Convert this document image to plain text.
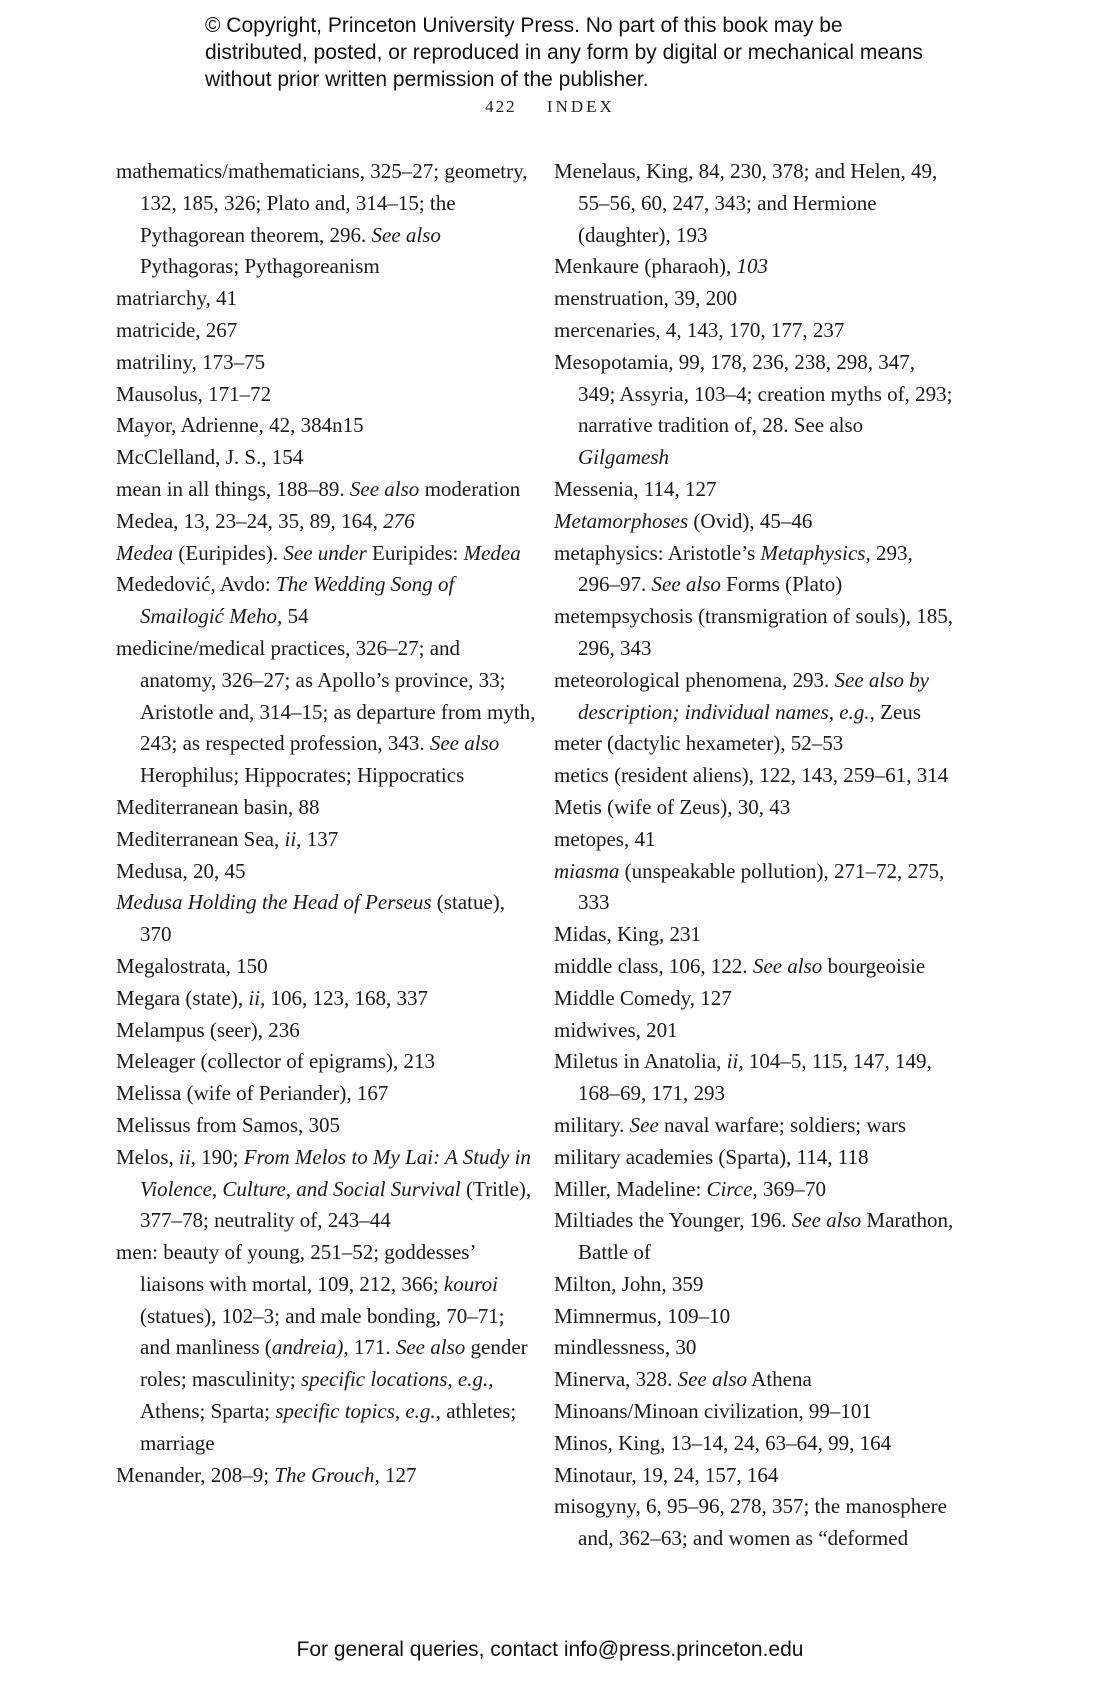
© Copyright, Princeton University Press. No part of this book may be distributed, posted, or reproduced in any form by digital or mechanical means without prior written permission of the publisher.
422 INDEX

mathematics/mathematicians, 325–27; geometry, 132, 185, 326; Plato and, 314–15; the Pythagorean theorem, 296. See also Pythagoras; Pythagoreanism

matriarchy, 41

matricide, 267

matriliny, 173–75

Mausolus, 171–72

Mayor, Adrienne, 42, 384n15

McClelland, J. S., 154

mean in all things, 188–89. See also moderation

Medea, 13, 23–24, 35, 89, 164, 276

Medea (Euripides). See under Euripides: Medea

Mededović, Avdo: The Wedding Song of Smailogić Meho, 54

medicine/medical practices, 326–27; and anatomy, 326–27; as Apollo’s province, 33; Aristotle and, 314–15; as departure from myth, 243; as respected profession, 343. See also Herophilus; Hippocrates; Hippocratics

Mediterranean basin, 88

Mediterranean Sea, ii, 137

Medusa, 20, 45

Medusa Holding the Head of Perseus (statue), 370

Megalostrata, 150

Megara (state), ii, 106, 123, 168, 337

Melampus (seer), 236

Meleager (collector of epigrams), 213

Melissa (wife of Periander), 167

Melissus from Samos, 305

Melos, ii, 190; From Melos to My Lai: A Study in Violence, Culture, and Social Survival (Tritle), 377–78; neutrality of, 243–44

men: beauty of young, 251–52; goddesses’ liaisons with mortal, 109, 212, 366; kouroi (statues), 102–3; and male bonding, 70–71; and manliness (andreia), 171. See also gender roles; masculinity; specific locations, e.g., Athens; Sparta; specific topics, e.g., athletes; marriage

Menander, 208–9; The Grouch, 127

Menelaus, King, 84, 230, 378; and Helen, 49, 55–56, 60, 247, 343; and Hermione (daughter), 193

Menkaure (pharaoh), 103

menstruation, 39, 200

mercenaries, 4, 143, 170, 177, 237

Mesopotamia, 99, 178, 236, 238, 298, 347, 349; Assyria, 103–4; creation myths of, 293; narrative tradition of, 28. See also Gilgamesh

Messenia, 114, 127

Metamorphoses (Ovid), 45–46

metaphysics: Aristotle’s Metaphysics, 293, 296–97. See also Forms (Plato)

metempsychosis (transmigration of souls), 185, 296, 343

meteorological phenomena, 293. See also by description; individual names, e.g., Zeus

meter (dactylic hexameter), 52–53

metics (resident aliens), 122, 143, 259–61, 314

Metis (wife of Zeus), 30, 43

metopes, 41

miasma (unspeakable pollution), 271–72, 275, 333

Midas, King, 231

middle class, 106, 122. See also bourgeoisie

Middle Comedy, 127

midwives, 201

Miletus in Anatolia, ii, 104–5, 115, 147, 149, 168–69, 171, 293

military. See naval warfare; soldiers; wars

military academies (Sparta), 114, 118

Miller, Madeline: Circe, 369–70

Miltiades the Younger, 196. See also Marathon, Battle of

Milton, John, 359

Mimnermus, 109–10

mindlessness, 30

Minerva, 328. See also Athena

Minoans/Minoan civilization, 99–101

Minos, King, 13–14, 24, 63–64, 99, 164

Minotaur, 19, 24, 157, 164

misogyny, 6, 95–96, 278, 357; the manosphere and, 362–63; and women as “deformed

For general queries, contact info@press.princeton.edu
